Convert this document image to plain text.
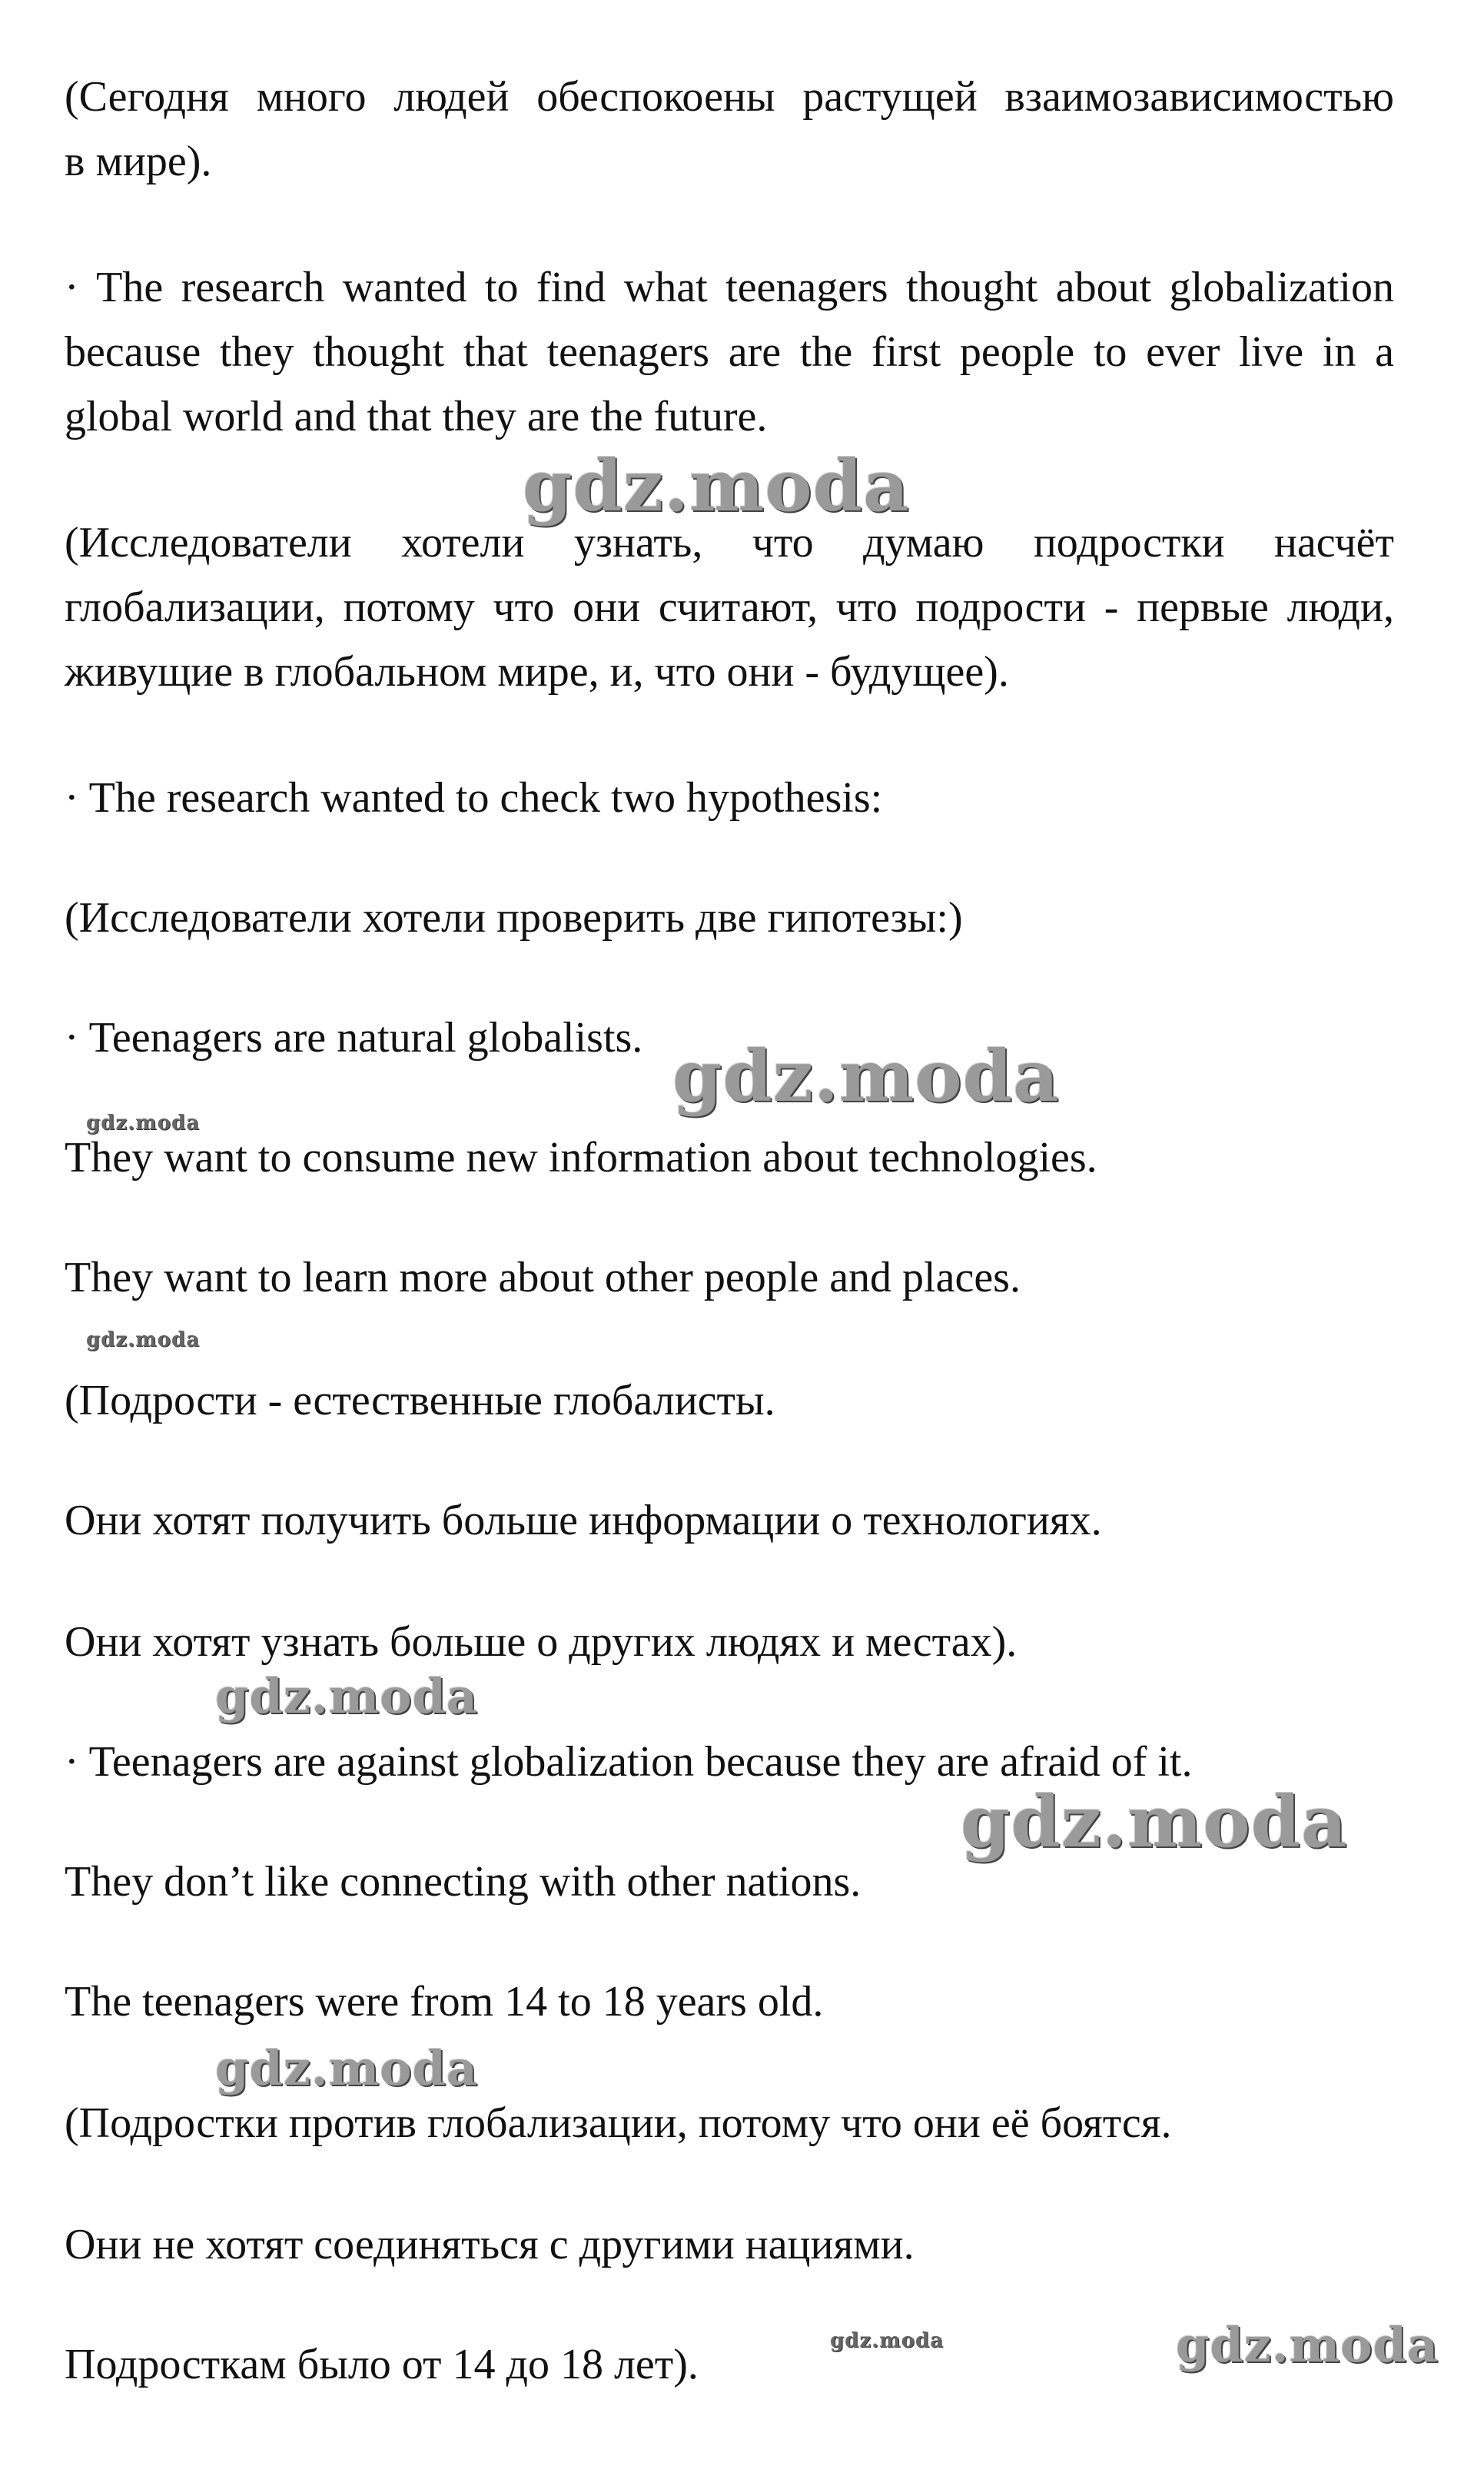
(Сегодня много людей обеспокоены растущей взаимозависимостью

в мире).

· The research wanted to find what teenagers thought about globalization

because they thought that teenagers are the first people to ever live in a

global world and that they are the future.

(Исследователи хотели узнать, что думаю подростки насчёт

глобализации, потому что они считают, что подрости - первые люди,

живущие в глобальном мире, и, что они - будущее).

· The research wanted to check two hypothesis:

(Исследователи хотели проверить две гипотезы:)

· Teenagers are natural globalists.

They want to consume new information about technologies.

They want to learn more about other people and places.

(Подрости - естественные глобалисты.

Они хотят получить больше информации о технологиях.

Они хотят узнать больше о других людях и местах).

· Teenagers are against globalization because they are afraid of it.

They don’t like connecting with other nations.

The teenagers were from 14 to 18 years old.

(Подростки против глобализации, потому что они её боятся.

Они не хотят соединяться с другими нациями.

Подросткам было от 14 до 18 лет).

gdz.moda
gdz.moda
gdz.moda
gdz.moda
gdz.moda
gdz.moda
gdz.moda
gdz.moda	gdz.moda
